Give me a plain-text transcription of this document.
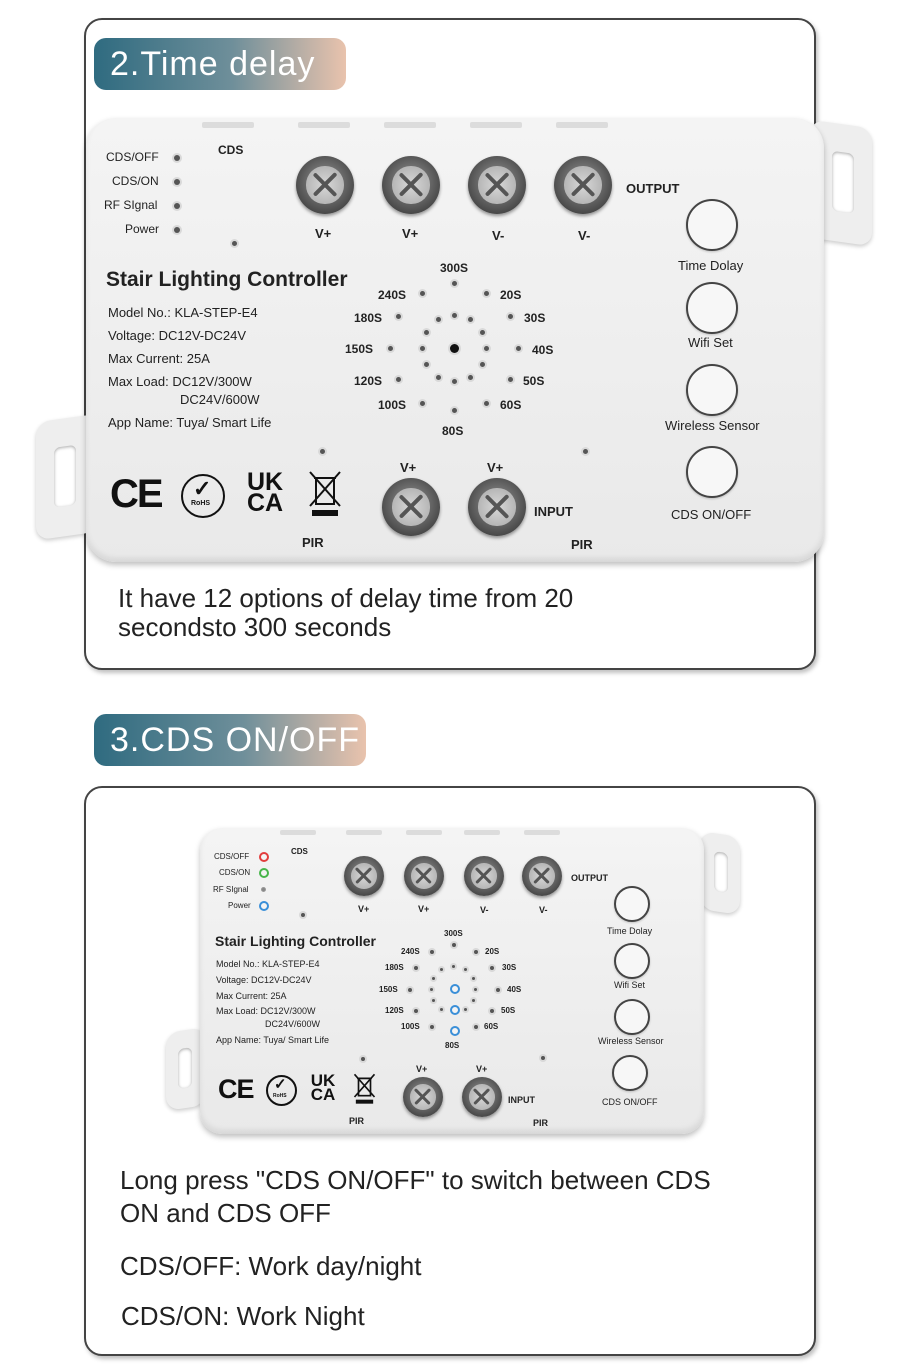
2.Time delay
CDS/OFF
CDS/ON
RF SIgnal
Power
CDS
V+	V+	V-	V-
OUTPUT
Stair Lighting Controller
Model No.: KLA-STEP-E4
Voltage: DC12V-DC24V
Max Current: 25A
Max Load: DC12V/300W
DC24V/600W
App Name: Tuya/ Smart Life
300S
20S
30S
40S
50S
60S
80S
100S
120S
150S
180S
240S
Time Dolay
Wifi Set
Wireless Sensor
CDS ON/OFF
CE	RoHS
✓ UK
CA
PIR
V+	V+
INPUT
PIR
It have 12 options of delay time from 20
secondsto 300 seconds
3.CDS ON/OFF
CDS/OFF
CDS/ON
RF SIgnal
Power
CDS
V+	V+	V-	V-
OUTPUT
Stair Lighting Controller
Model No.: KLA-STEP-E4
Voltage: DC12V-DC24V
Max Current: 25A
Max Load: DC12V/300W
DC24V/600W
App Name: Tuya/ Smart Life
300S
20S
30S
40S
50S
60S
80S
100S
120S
150S
180S
240S
Time Dolay
Wifi Set
Wireless Sensor
CDS ON/OFF
CE	RoHS
✓ UK
CA
PIR
V+	V+
INPUT
PIR
Long press "CDS ON/OFF" to switch between CDS
ON and CDS OFF
CDS/OFF: Work day/night
CDS/ON: Work Night
